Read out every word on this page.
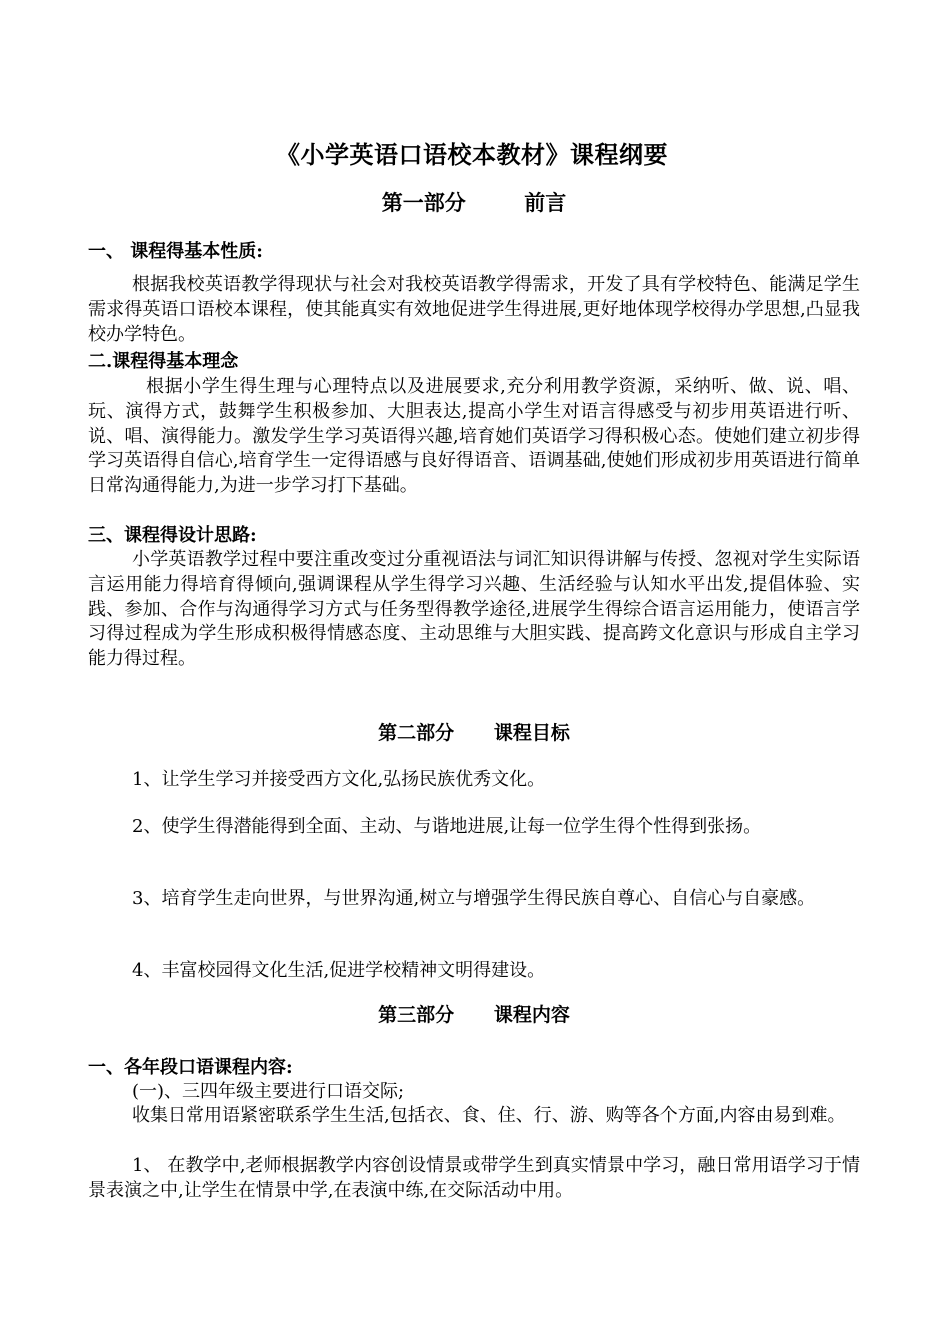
《小学英语口语校本教材》课程纲要
第一部分        前言
一、 课程得基本性质:
根据我校英语教学得现状与社会对我校英语教学得需求，开发了具有学校特色、能满足学生需求得英语口语校本课程，使其能真实有效地促进学生得进展,更好地体现学校得办学思想,凸显我校办学特色。
二.课程得基本理念
根据小学生得生理与心理特点以及进展要求,充分利用教学资源，采纳听、做、说、唱、玩、演得方式，鼓舞学生积极参加、大胆表达,提高小学生对语言得感受与初步用英语进行听、说、唱、演得能力。激发学生学习英语得兴趣,培育她们英语学习得积极心态。使她们建立初步得学习英语得自信心,培育学生一定得语感与良好得语音、语调基础,使她们形成初步用英语进行简单日常沟通得能力,为进一步学习打下基础。
三、课程得设计思路:
小学英语教学过程中要注重改变过分重视语法与词汇知识得讲解与传授、忽视对学生实际语言运用能力得培育得倾向,强调课程从学生得学习兴趣、生活经验与认知水平出发,提倡体验、实践、参加、合作与沟通得学习方式与任务型得教学途径,进展学生得综合语言运用能力，使语言学习得过程成为学生形成积极得情感态度、主动思维与大胆实践、提高跨文化意识与形成自主学习能力得过程。
第二部分      课程目标
1、让学生学习并接受西方文化,弘扬民族优秀文化。
2、使学生得潜能得到全面、主动、与谐地进展,让每一位学生得个性得到张扬。
3、培育学生走向世界，与世界沟通,树立与增强学生得民族自尊心、自信心与自豪感。
4、丰富校园得文化生活,促进学校精神文明得建设。
第三部分      课程内容
一、各年段口语课程内容:
(一)、三四年级主要进行口语交际;
收集日常用语紧密联系学生生活,包括衣、食、住、行、游、购等各个方面,内容由易到难。
1、 在教学中,老师根据教学内容创设情景或带学生到真实情景中学习，融日常用语学习于情景表演之中,让学生在情景中学,在表演中练,在交际活动中用。
